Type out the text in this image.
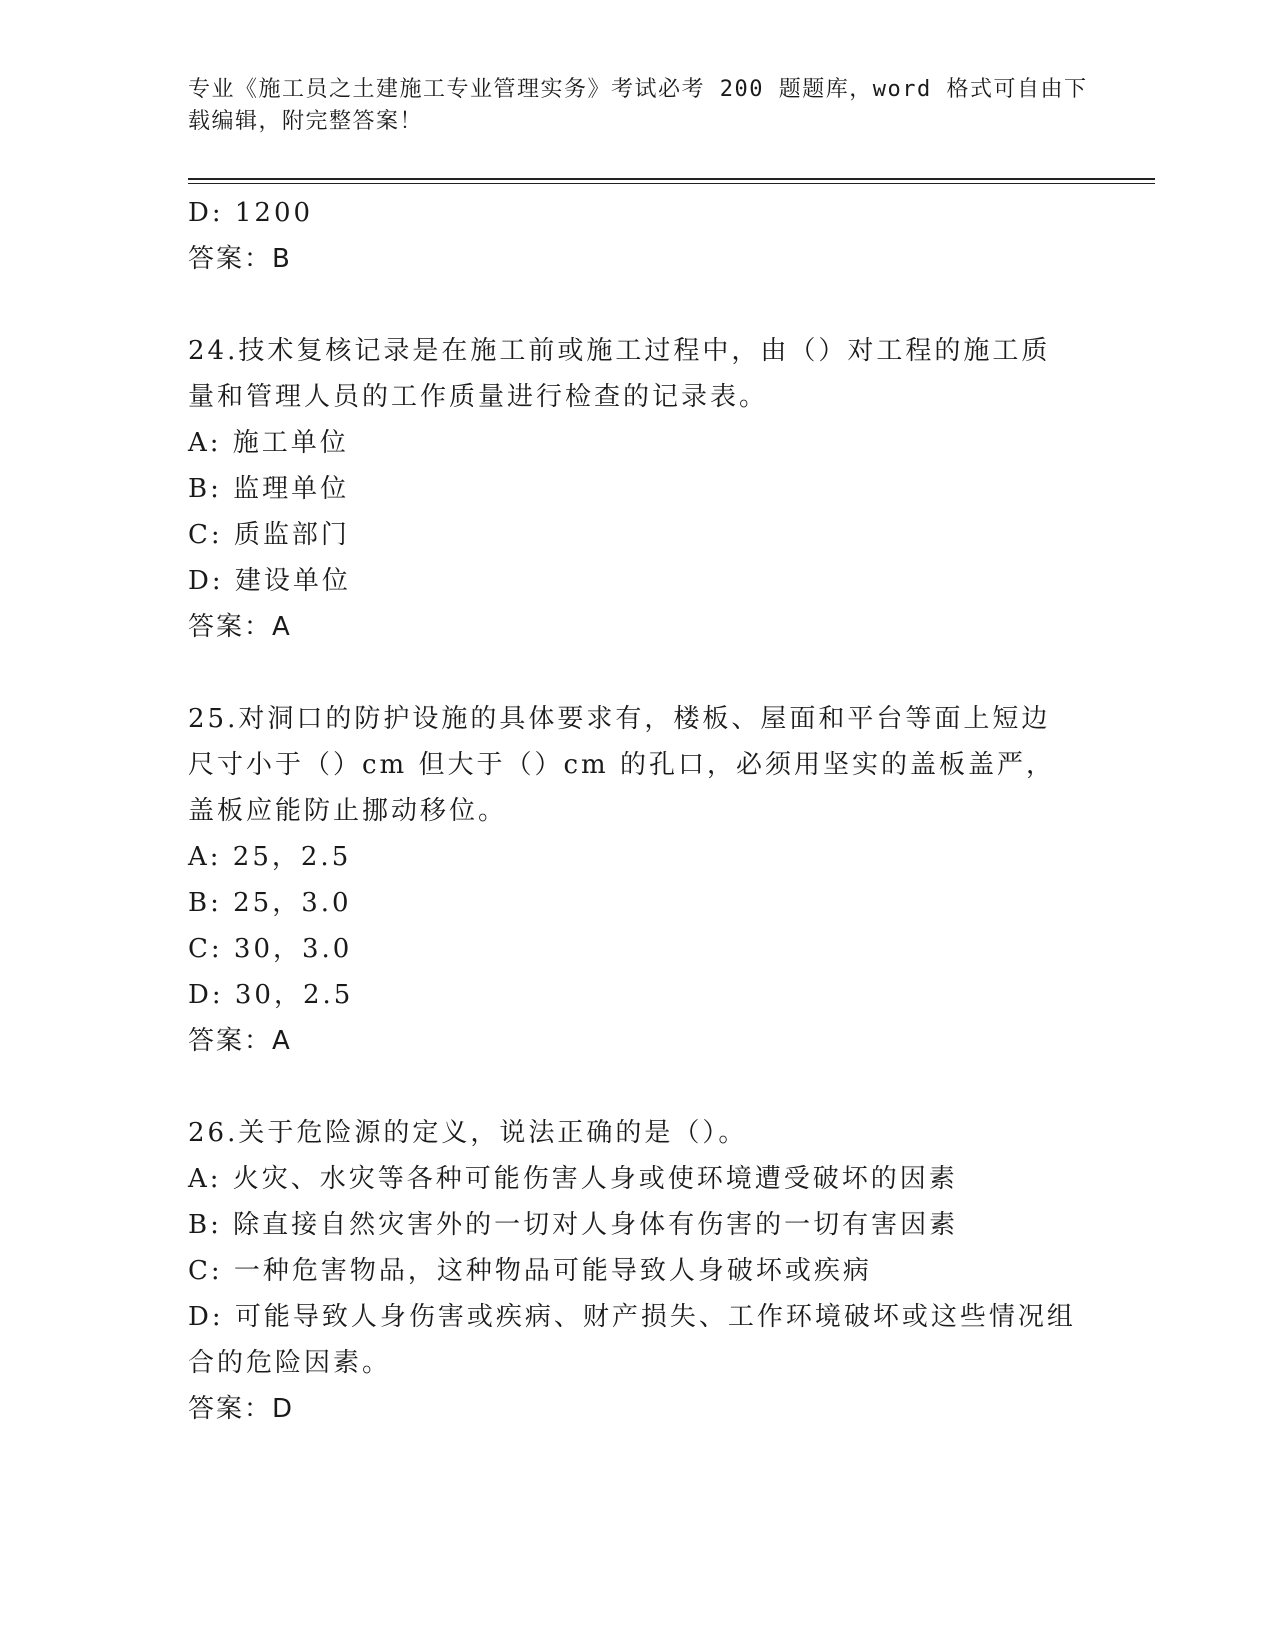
专业《施工员之土建施工专业管理实务》考试必考 200 题题库，word 格式可自由下载编辑，附完整答案！
D: 1200
答案：B
24.技术复核记录是在施工前或施工过程中，由（）对工程的施工质量和管理人员的工作质量进行检查的记录表。
A: 施工单位
B: 监理单位
C: 质监部门
D: 建设单位
答案：A
25.对洞口的防护设施的具体要求有，楼板、屋面和平台等面上短边尺寸小于（）cm 但大于（）cm 的孔口，必须用坚实的盖板盖严，盖板应能防止挪动移位。
A: 25，2.5
B: 25，3.0
C: 30，3.0
D: 30，2.5
答案：A
26.关于危险源的定义，说法正确的是（）。
A: 火灾、水灾等各种可能伤害人身或使环境遭受破坏的因素
B: 除直接自然灾害外的一切对人身体有伤害的一切有害因素
C: 一种危害物品，这种物品可能导致人身破坏或疾病
D: 可能导致人身伤害或疾病、财产损失、工作环境破坏或这些情况组合的危险因素。
答案：D
